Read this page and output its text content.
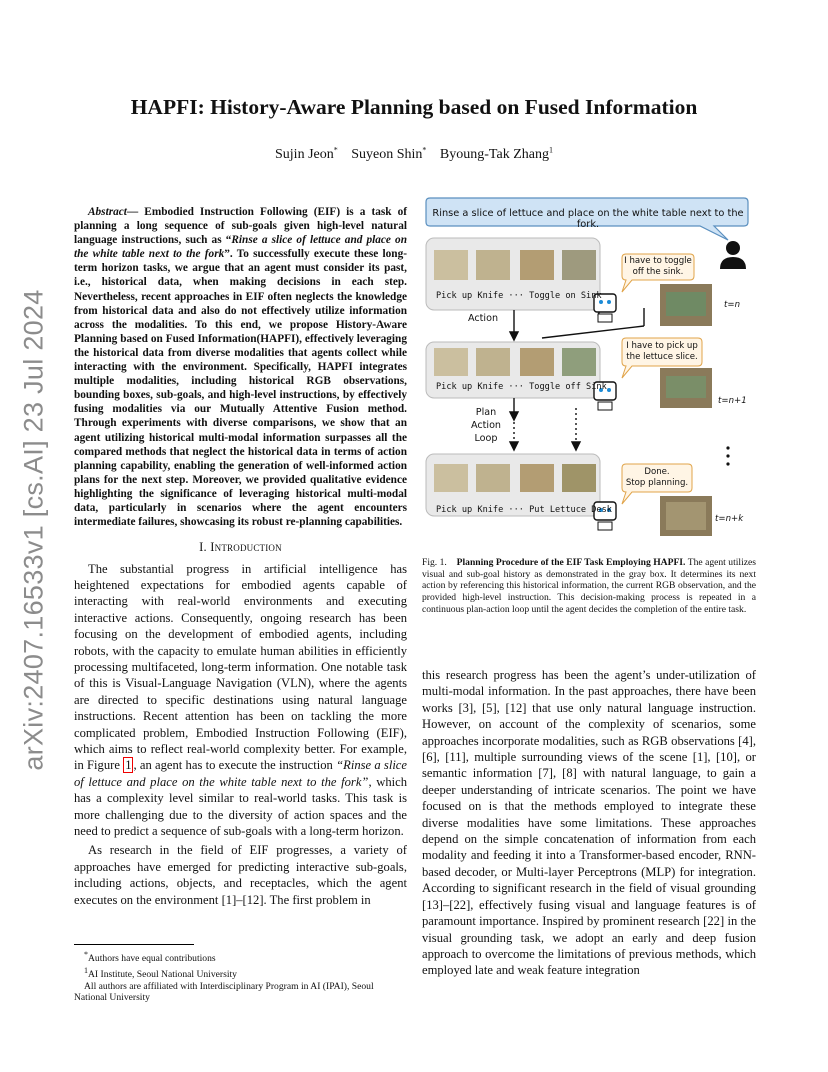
arXiv:2407.16533v1 [cs.AI] 23 Jul 2024
HAPFI: History-Aware Planning based on Fused Information
Sujin Jeon* Suyeon Shin* Byoung-Tak Zhang$^1$

Abstract— Embodied Instruction Following (EIF) is a task of planning a long sequence of sub-goals given high-level natural language instructions, such as “Rinse a slice of lettuce and place on the white table next to the fork”. To successfully execute these long-term horizon tasks, we argue that an agent must consider its past, i.e., historical data, when making decisions in each step. Nevertheless, recent approaches in EIF often neglects the knowledge from historical data and also do not effectively utilize information across the modalities. To this end, we propose History-Aware Planning based on Fused Information(HAPFI), effectively leveraging the historical data from diverse modalities that agents collect while interacting with the environment. Specifically, HAPFI integrates multiple modalities, including historical RGB observations, bounding boxes, sub-goals, and high-level instructions, by effectively fusing modalities via our Mutually Attentive Fusion method. Through experiments with diverse comparisons, we show that an agent utilizing historical multi-modal information surpasses all the compared methods that neglect the historical data in terms of action planning capability, enabling the generation of well-informed action plans for the next step. Moreover, we provided qualitative evidence highlighting the significance of leveraging historical multi-modal data, particularly in scenarios where the agent encounters intermediate failures, showcasing its robust re-planning capabilities.

I. Introduction

The substantial progress in artificial intelligence has heightened expectations for embodied agents capable of interacting with real-world environments and executing interactive actions. Consequently, ongoing research has been focusing on the development of embodied agents, including robots, with the capacity to emulate human abilities in efficiently processing multifaceted, long-term information. One notable task of this is Visual-Language Navigation (VLN), where the agents are directed to specific destinations using natural language instructions. Recent attention has been on tackling the more complicated problem, Embodied Instruction Following (EIF), which aims to reflect real-world complexity better. For example, in Figure 1 , an agent has to execute the instruction “Rinse a slice of lettuce and place on the white table next to the fork”, which has a complexity level similar to real-world tasks. This task is more challenging due to the diversity of action spaces and the need to predict a sequence of sub-goals with a long-term horizon.

As research in the field of EIF progresses, a variety of approaches have emerged for predicting interactive sub-goals, including actions, objects, and receptacles, which the agent executes on the environment [1]–[12]. The first problem in

*Authors have equal contributions
$^1$AI Institute, Seoul National University
All authors are affiliated with Interdisciplinary Program in AI (IPAI), Seoul National University
Rinse a slice of lettuce and place on the white table next to the fork.
Pick up Knife ··· Toggle on Sink
Pick up Knife ··· Toggle off Sink
Pick up Knife ··· Put Lettuce Desk
I have to toggle
off the sink.
I have to pick up
the lettuce slice.
Done.
Stop planning.
t=n
t=n+1
t=n+k
Action
Plan
Action
Loop
Fig. 1. Planning Procedure of the EIF Task Employing HAPFI. The agent utilizes visual and sub-goal history as demonstrated in the gray box. It determines its next action by referencing this historical information, the current RGB observation, and the provided high-level instruction. This decision-making process is repeated in a continuous plan-action loop until the agent decides the completion of the entire task.

this research progress has been the agent’s under-utilization of multi-modal information. In the past approaches, there have been works [3], [5], [12] that use only natural language instruction. However, on account of the complexity of scenarios, some approaches incorporate modalities, such as RGB observations [4], [6], [11], multiple surrounding views of the scene [1], [10], or semantic information [7], [8] with natural language, to gain a deeper understanding of intricate scenarios. The point we have focused on is that the methods employed to integrate these diverse modalities have some limitations. These approaches depend on the simple concatenation of information from each modality and feeding it into a Transformer-based encoder, RNN-based decoder, or Multi-layer Perceptrons (MLP) for integration. According to significant research in the field of visual grounding [13]–[22], effectively fusing visual and language features is of paramount importance. Inspired by prominent research [22] in the visual grounding task, we adopt an early and deep fusion approach to overcome the limitations of previous methods, which employed late and weak feature integration
